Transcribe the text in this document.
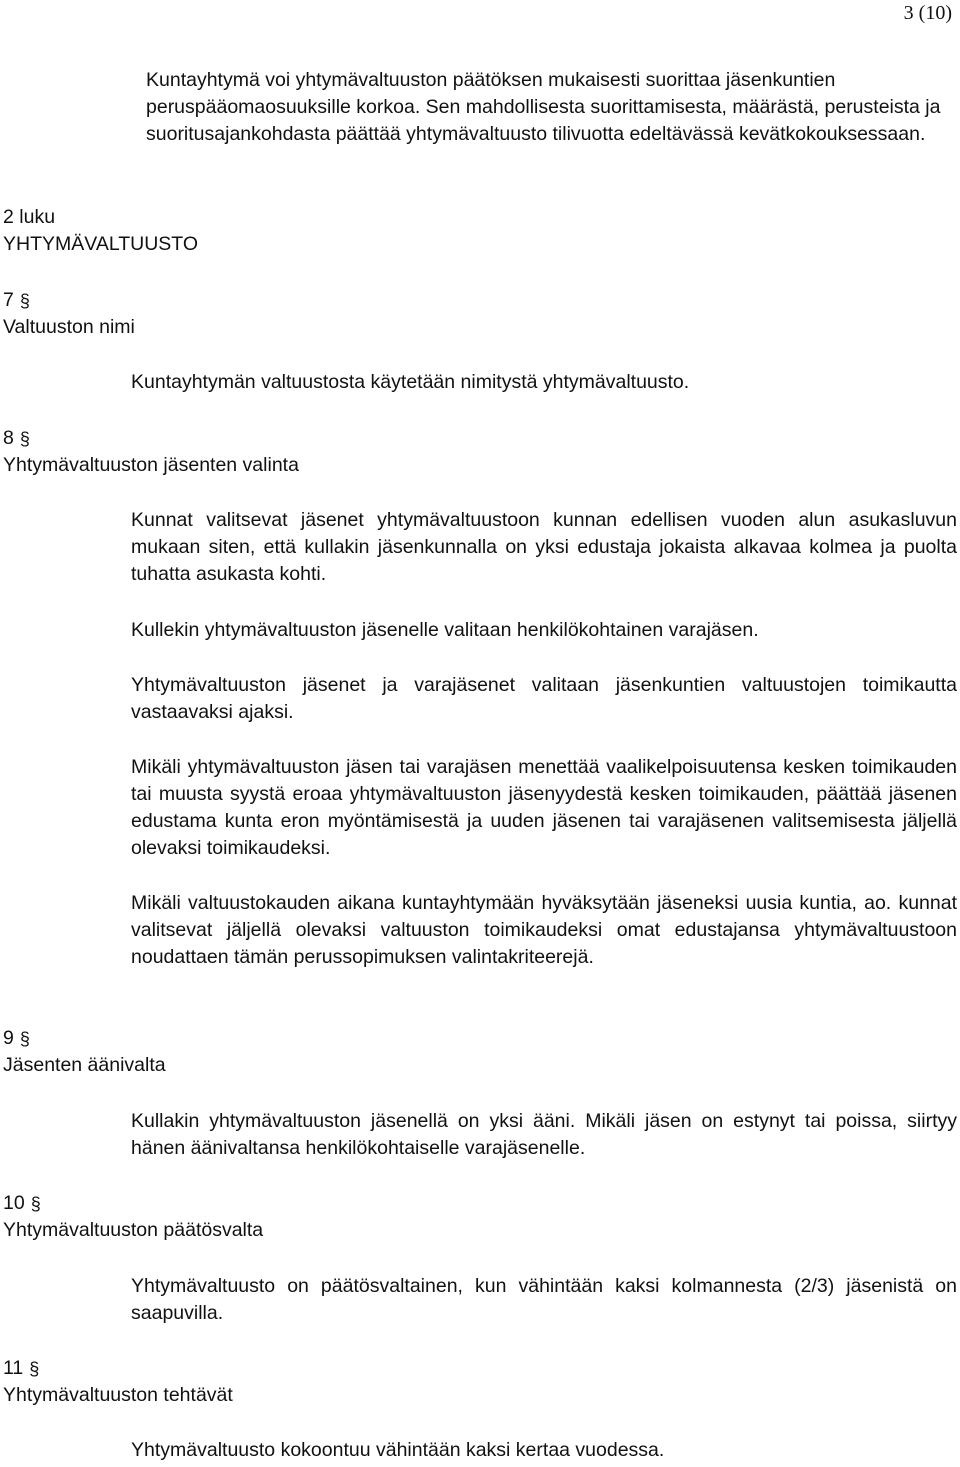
3 (10)

Kuntayhtymä voi yhtymävaltuuston päätöksen mukaisesti suorittaa jäsenkuntien peruspääomaosuuksille korkoa. Sen mahdollisesta suorittamisesta, määrästä, perusteista ja suoritusajankohdasta päättää yhtymävaltuusto tilivuotta edeltävässä kevätkokouksessaan.

2 luku
YHTYMÄVALTUUSTO
7 §
Valtuuston nimi

Kuntayhtymän valtuustosta käytetään nimitystä yhtymävaltuusto.

8 §
Yhtymävaltuuston jäsenten valinta

Kunnat valitsevat jäsenet yhtymävaltuustoon kunnan edellisen vuoden alun asukasluvun mukaan siten, että kullakin jäsenkunnalla on yksi edustaja jokaista alkavaa kolmea ja puolta tuhatta asukasta kohti.

Kullekin yhtymävaltuuston jäsenelle valitaan henkilökohtainen varajäsen.

Yhtymävaltuuston jäsenet ja varajäsenet valitaan jäsenkuntien valtuustojen toimikautta vastaavaksi ajaksi.

Mikäli yhtymävaltuuston jäsen tai varajäsen menettää vaalikelpoisuutensa kesken toimikauden tai muusta syystä eroaa yhtymävaltuuston jäsenyydestä kesken toimikauden, päättää jäsenen edustama kunta eron myöntämisestä ja uuden jäsenen tai varajäsenen valitsemisesta jäljellä olevaksi toimikaudeksi.

Mikäli valtuustokauden aikana kuntayhtymään hyväksytään jäseneksi uusia kuntia, ao. kunnat valitsevat jäljellä olevaksi valtuuston toimikaudeksi omat edustajansa yhtymävaltuustoon noudattaen tämän perussopimuksen valintakriteerejä.

9 §
Jäsenten äänivalta

Kullakin yhtymävaltuuston jäsenellä on yksi ääni. Mikäli jäsen on estynyt tai poissa, siirtyy hänen äänivaltansa henkilökohtaiselle varajäsenelle.

10 §
Yhtymävaltuuston päätösvalta

Yhtymävaltuusto on päätösvaltainen, kun vähintään kaksi kolmannesta (2/3) jäsenistä on saapuvilla.

11 §
Yhtymävaltuuston tehtävät

Yhtymävaltuusto kokoontuu vähintään kaksi kertaa vuodessa.
